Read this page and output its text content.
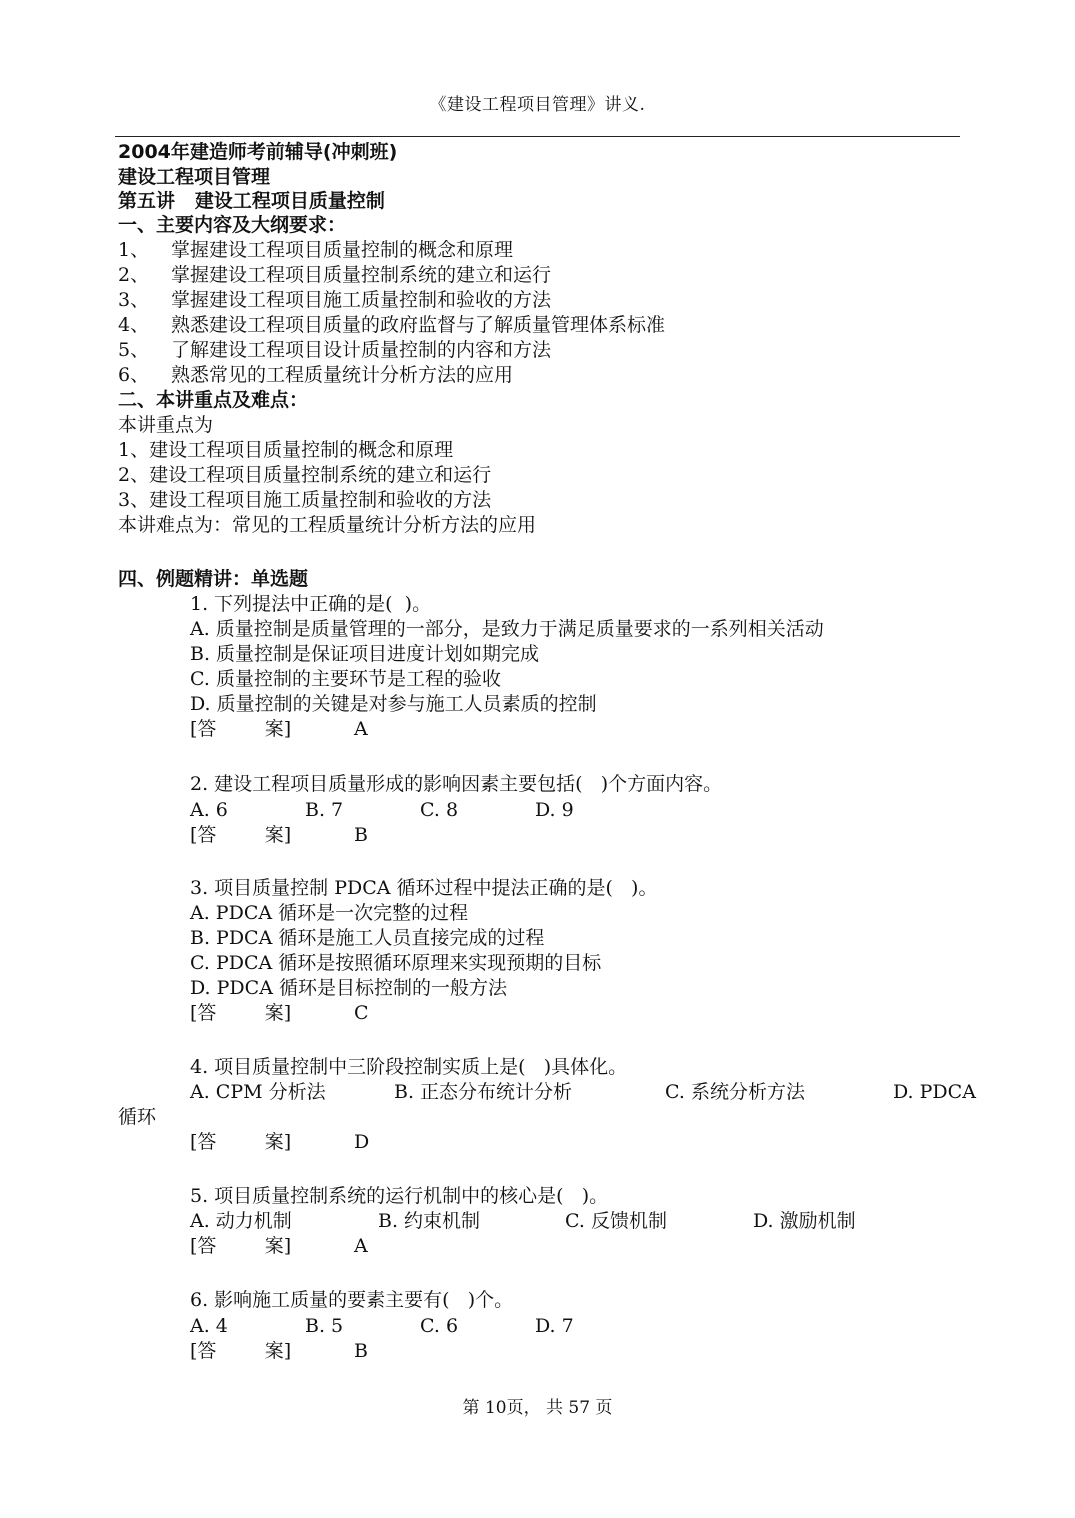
《建设工程项目管理》讲义.
2004年建造师考前辅导(冲刺班)
建设工程项目管理
第五讲   建设工程项目质量控制
一、主要内容及大纲要求：
1、 掌握建设工程项目质量控制的概念和原理
2、 掌握建设工程项目质量控制系统的建立和运行
3、 掌握建设工程项目施工质量控制和验收的方法
4、 熟悉建设工程项目质量的政府监督与了解质量管理体系标准
5、 了解建设工程项目设计质量控制的内容和方法
6、 熟悉常见的工程质量统计分析方法的应用
二、本讲重点及难点：
本讲重点为
1、建设工程项目质量控制的概念和原理
2、建设工程项目质量控制系统的建立和运行
3、建设工程项目施工质量控制和验收的方法
本讲难点为：常见的工程质量统计分析方法的应用
四、例题精讲：单选题
1. 下列提法中正确的是(  )。
A. 质量控制是质量管理的一部分，是致力于满足质量要求的一系列相关活动
B. 质量控制是保证项目进度计划如期完成
C. 质量控制的主要环节是工程的验收
D. 质量控制的关键是对参与施工人员素质的控制
[答        案]	A
2. 建设工程项目质量形成的影响因素主要包括(   )个方面内容。
A. 6	B. 7	C. 8	D. 9
[答        案]	B
3. 项目质量控制 PDCA 循环过程中提法正确的是(   )。
A. PDCA 循环是一次完整的过程
B. PDCA 循环是施工人员直接完成的过程
C. PDCA 循环是按照循环原理来实现预期的目标
D. PDCA 循环是目标控制的一般方法
[答        案]	C
4. 项目质量控制中三阶段控制实质上是(   )具体化。
A. CPM 分析法	B. 正态分布统计分析	C. 系统分析方法	D. PDCA
循环
[答        案]	D
5. 项目质量控制系统的运行机制中的核心是(   )。
A. 动力机制	B. 约束机制	C. 反馈机制	D. 激励机制
[答        案]	A
6. 影响施工质量的要素主要有(   )个。
A. 4	B. 5	C. 6	D. 7
[答        案]	B
第 10页， 共 57 页
